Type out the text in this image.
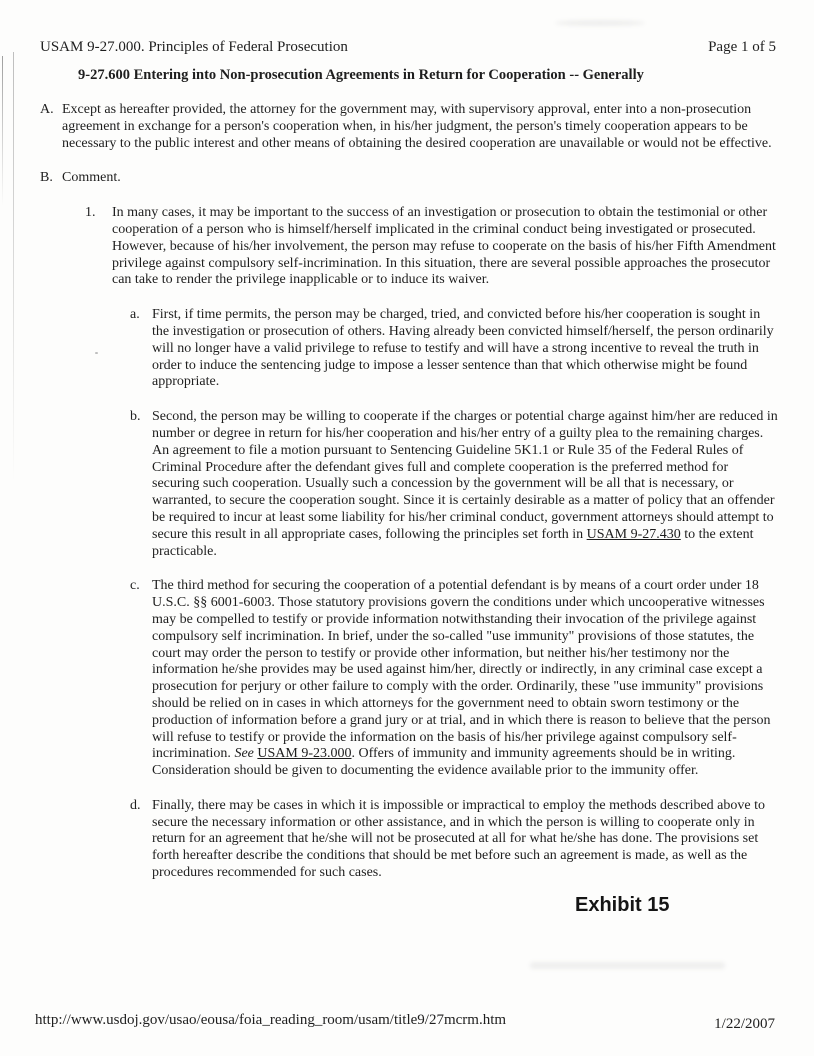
USAM 9-27.000. Principles of Federal Prosecution	Page 1 of 5
9-27.600 Entering into Non-prosecution Agreements in Return for Cooperation -- Generally
A. Except as hereafter provided, the attorney for the government may, with supervisory approval, enter into a non-prosecution agreement in exchange for a person's cooperation when, in his/her judgment, the person's timely cooperation appears to be necessary to the public interest and other means of obtaining the desired cooperation are unavailable or would not be effective.
B. Comment.
1.	In many cases, it may be important to the success of an investigation or prosecution to obtain the testimonial or other cooperation of a person who is himself/herself implicated in the criminal conduct being investigated or prosecuted. However, because of his/her involvement, the person may refuse to cooperate on the basis of his/her Fifth Amendment privilege against compulsory self-incrimination. In this situation, there are several possible approaches the prosecutor can take to render the privilege inapplicable or to induce its waiver.
a. First, if time permits, the person may be charged, tried, and convicted before his/her cooperation is sought in the investigation or prosecution of others. Having already been convicted himself/herself, the person ordinarily will no longer have a valid privilege to refuse to testify and will have a strong incentive to reveal the truth in order to induce the sentencing judge to impose a lesser sentence than that which otherwise might be found appropriate.
b. Second, the person may be willing to cooperate if the charges or potential charge against him/her are reduced in number or degree in return for his/her cooperation and his/her entry of a guilty plea to the remaining charges. An agreement to file a motion pursuant to Sentencing Guideline 5K1.1 or Rule 35 of the Federal Rules of Criminal Procedure after the defendant gives full and complete cooperation is the preferred method for securing such cooperation. Usually such a concession by the government will be all that is necessary, or warranted, to secure the cooperation sought. Since it is certainly desirable as a matter of policy that an offender be required to incur at least some liability for his/her criminal conduct, government attorneys should attempt to secure this result in all appropriate cases, following the principles set forth in USAM 9-27.430 to the extent practicable.
c. The third method for securing the cooperation of a potential defendant is by means of a court order under 18 U.S.C. §§ 6001-6003. Those statutory provisions govern the conditions under which uncooperative witnesses may be compelled to testify or provide information notwithstanding their invocation of the privilege against compulsory self incrimination. In brief, under the so-called "use immunity" provisions of those statutes, the court may order the person to testify or provide other information, but neither his/her testimony nor the information he/she provides may be used against him/her, directly or indirectly, in any criminal case except a prosecution for perjury or other failure to comply with the order. Ordinarily, these "use immunity" provisions should be relied on in cases in which attorneys for the government need to obtain sworn testimony or the production of information before a grand jury or at trial, and in which there is reason to believe that the person will refuse to testify or provide the information on the basis of his/her privilege against compulsory self-incrimination. See USAM 9-23.000. Offers of immunity and immunity agreements should be in writing. Consideration should be given to documenting the evidence available prior to the immunity offer.
d. Finally, there may be cases in which it is impossible or impractical to employ the methods described above to secure the necessary information or other assistance, and in which the person is willing to cooperate only in return for an agreement that he/she will not be prosecuted at all for what he/she has done. The provisions set forth hereafter describe the conditions that should be met before such an agreement is made, as well as the procedures recommended for such cases.
Exhibit 15
http://www.usdoj.gov/usao/eousa/foia_reading_room/usam/title9/27mcrm.htm	1/22/2007
